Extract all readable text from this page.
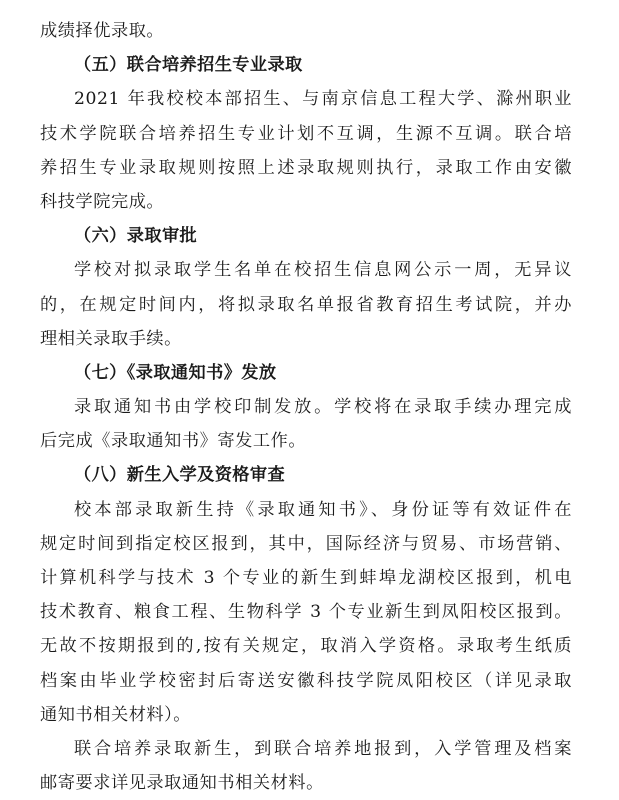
成绩择优录取。
（五）联合培养招生专业录取
2021 年我校校本部招生、与南京信息工程大学、滁州职业
技术学院联合培养招生专业计划不互调，生源不互调。联合培
养招生专业录取规则按照上述录取规则执行，录取工作由安徽
科技学院完成。
（六）录取审批
学校对拟录取学生名单在校招生信息网公示一周，无异议
的，在规定时间内，将拟录取名单报省教育招生考试院，并办
理相关录取手续。
（七）《录取通知书》发放
录取通知书由学校印制发放。学校将在录取手续办理完成
后完成《录取通知书》寄发工作。
（八）新生入学及资格审查
校本部录取新生持《录取通知书》、身份证等有效证件在
规定时间到指定校区报到，其中，国际经济与贸易、市场营销、
计算机科学与技术 3 个专业的新生到蚌埠龙湖校区报到，机电
技术教育、粮食工程、生物科学 3 个专业新生到凤阳校区报到。
无故不按期报到的,按有关规定，取消入学资格。录取考生纸质
档案由毕业学校密封后寄送安徽科技学院凤阳校区（详见录取
通知书相关材料）。
联合培养录取新生，到联合培养地报到，入学管理及档案
邮寄要求详见录取通知书相关材料。
